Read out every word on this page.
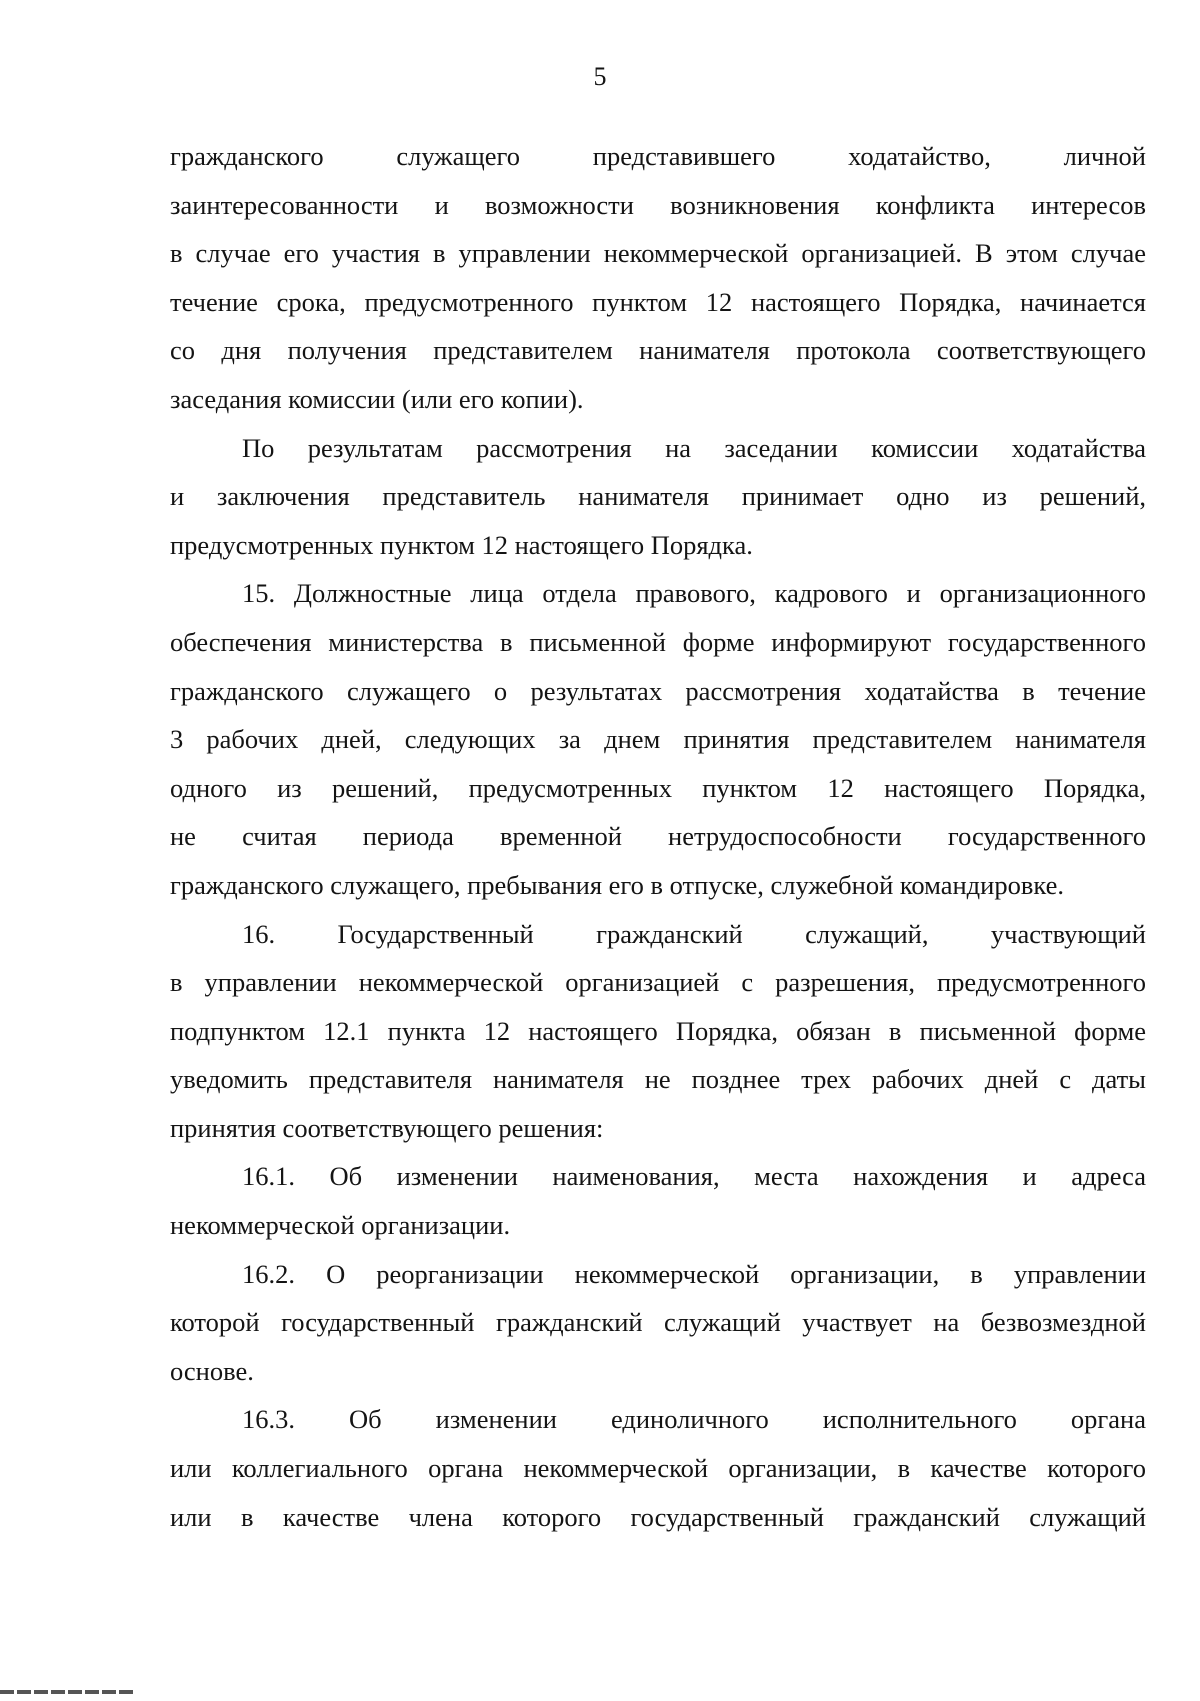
5
гражданского служащего представившего ходатайство, личной
заинтересованности и возможности возникновения конфликта интересов
в случае его участия в управлении некоммерческой организацией. В этом случае
течение срока, предусмотренного пунктом 12 настоящего Порядка, начинается
со дня получения представителем нанимателя протокола соответствующего
заседания комиссии (или его копии).
По результатам рассмотрения на заседании комиссии ходатайства
и заключения представитель нанимателя принимает одно из решений,
предусмотренных пунктом 12 настоящего Порядка.
15. Должностные лица отдела правового, кадрового и организационного
обеспечения министерства в письменной форме информируют государственного
гражданского служащего о результатах рассмотрения ходатайства в течение
3 рабочих дней, следующих за днем принятия представителем нанимателя
одного из решений, предусмотренных пунктом 12 настоящего Порядка,
не считая периода временной нетрудоспособности государственного
гражданского служащего, пребывания его в отпуске, служебной командировке.
16. Государственный гражданский служащий, участвующий
в управлении некоммерческой организацией с разрешения, предусмотренного
подпунктом 12.1 пункта 12 настоящего Порядка, обязан в письменной форме
уведомить представителя нанимателя не позднее трех рабочих дней с даты
принятия соответствующего решения:
16.1. Об изменении наименования, места нахождения и адреса
некоммерческой организации.
16.2. О реорганизации некоммерческой организации, в управлении
которой государственный гражданский служащий участвует на безвозмездной
основе.
16.3. Об изменении единоличного исполнительного органа
или коллегиального органа некоммерческой организации, в качестве которого
или в качестве члена которого государственный гражданский служащий
